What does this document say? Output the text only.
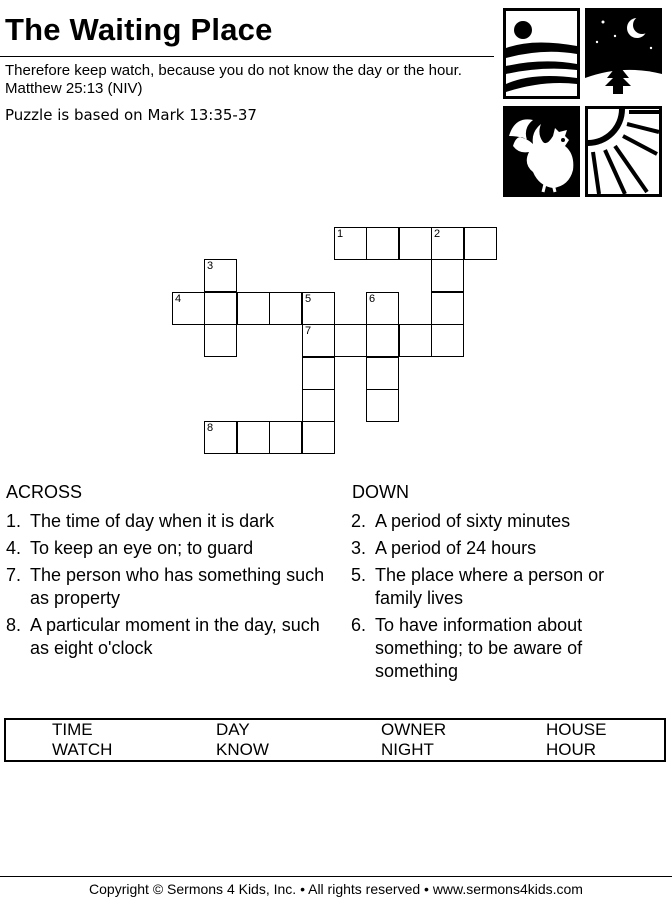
The Waiting Place
Therefore keep watch, because you do not know the day or the hour. Matthew 25:13 (NIV)
Puzzle is based on Mark 13:35-37
1	2
3
4	5	6
7
8
ACROSS
1. The time of day when it is dark
4. To keep an eye on; to guard
7. The person who has something such as property
8. A particular moment in the day, such as eight o'clock
DOWN
2. A period of sixty minutes
3. A period of 24 hours
5. The place where a person or family lives
6. To have information about something; to be aware of something
TIME	DAY	OWNER	HOUSE
WATCH	KNOW	NIGHT	HOUR
Copyright © Sermons 4 Kids, Inc. • All rights reserved • www.sermons4kids.com
